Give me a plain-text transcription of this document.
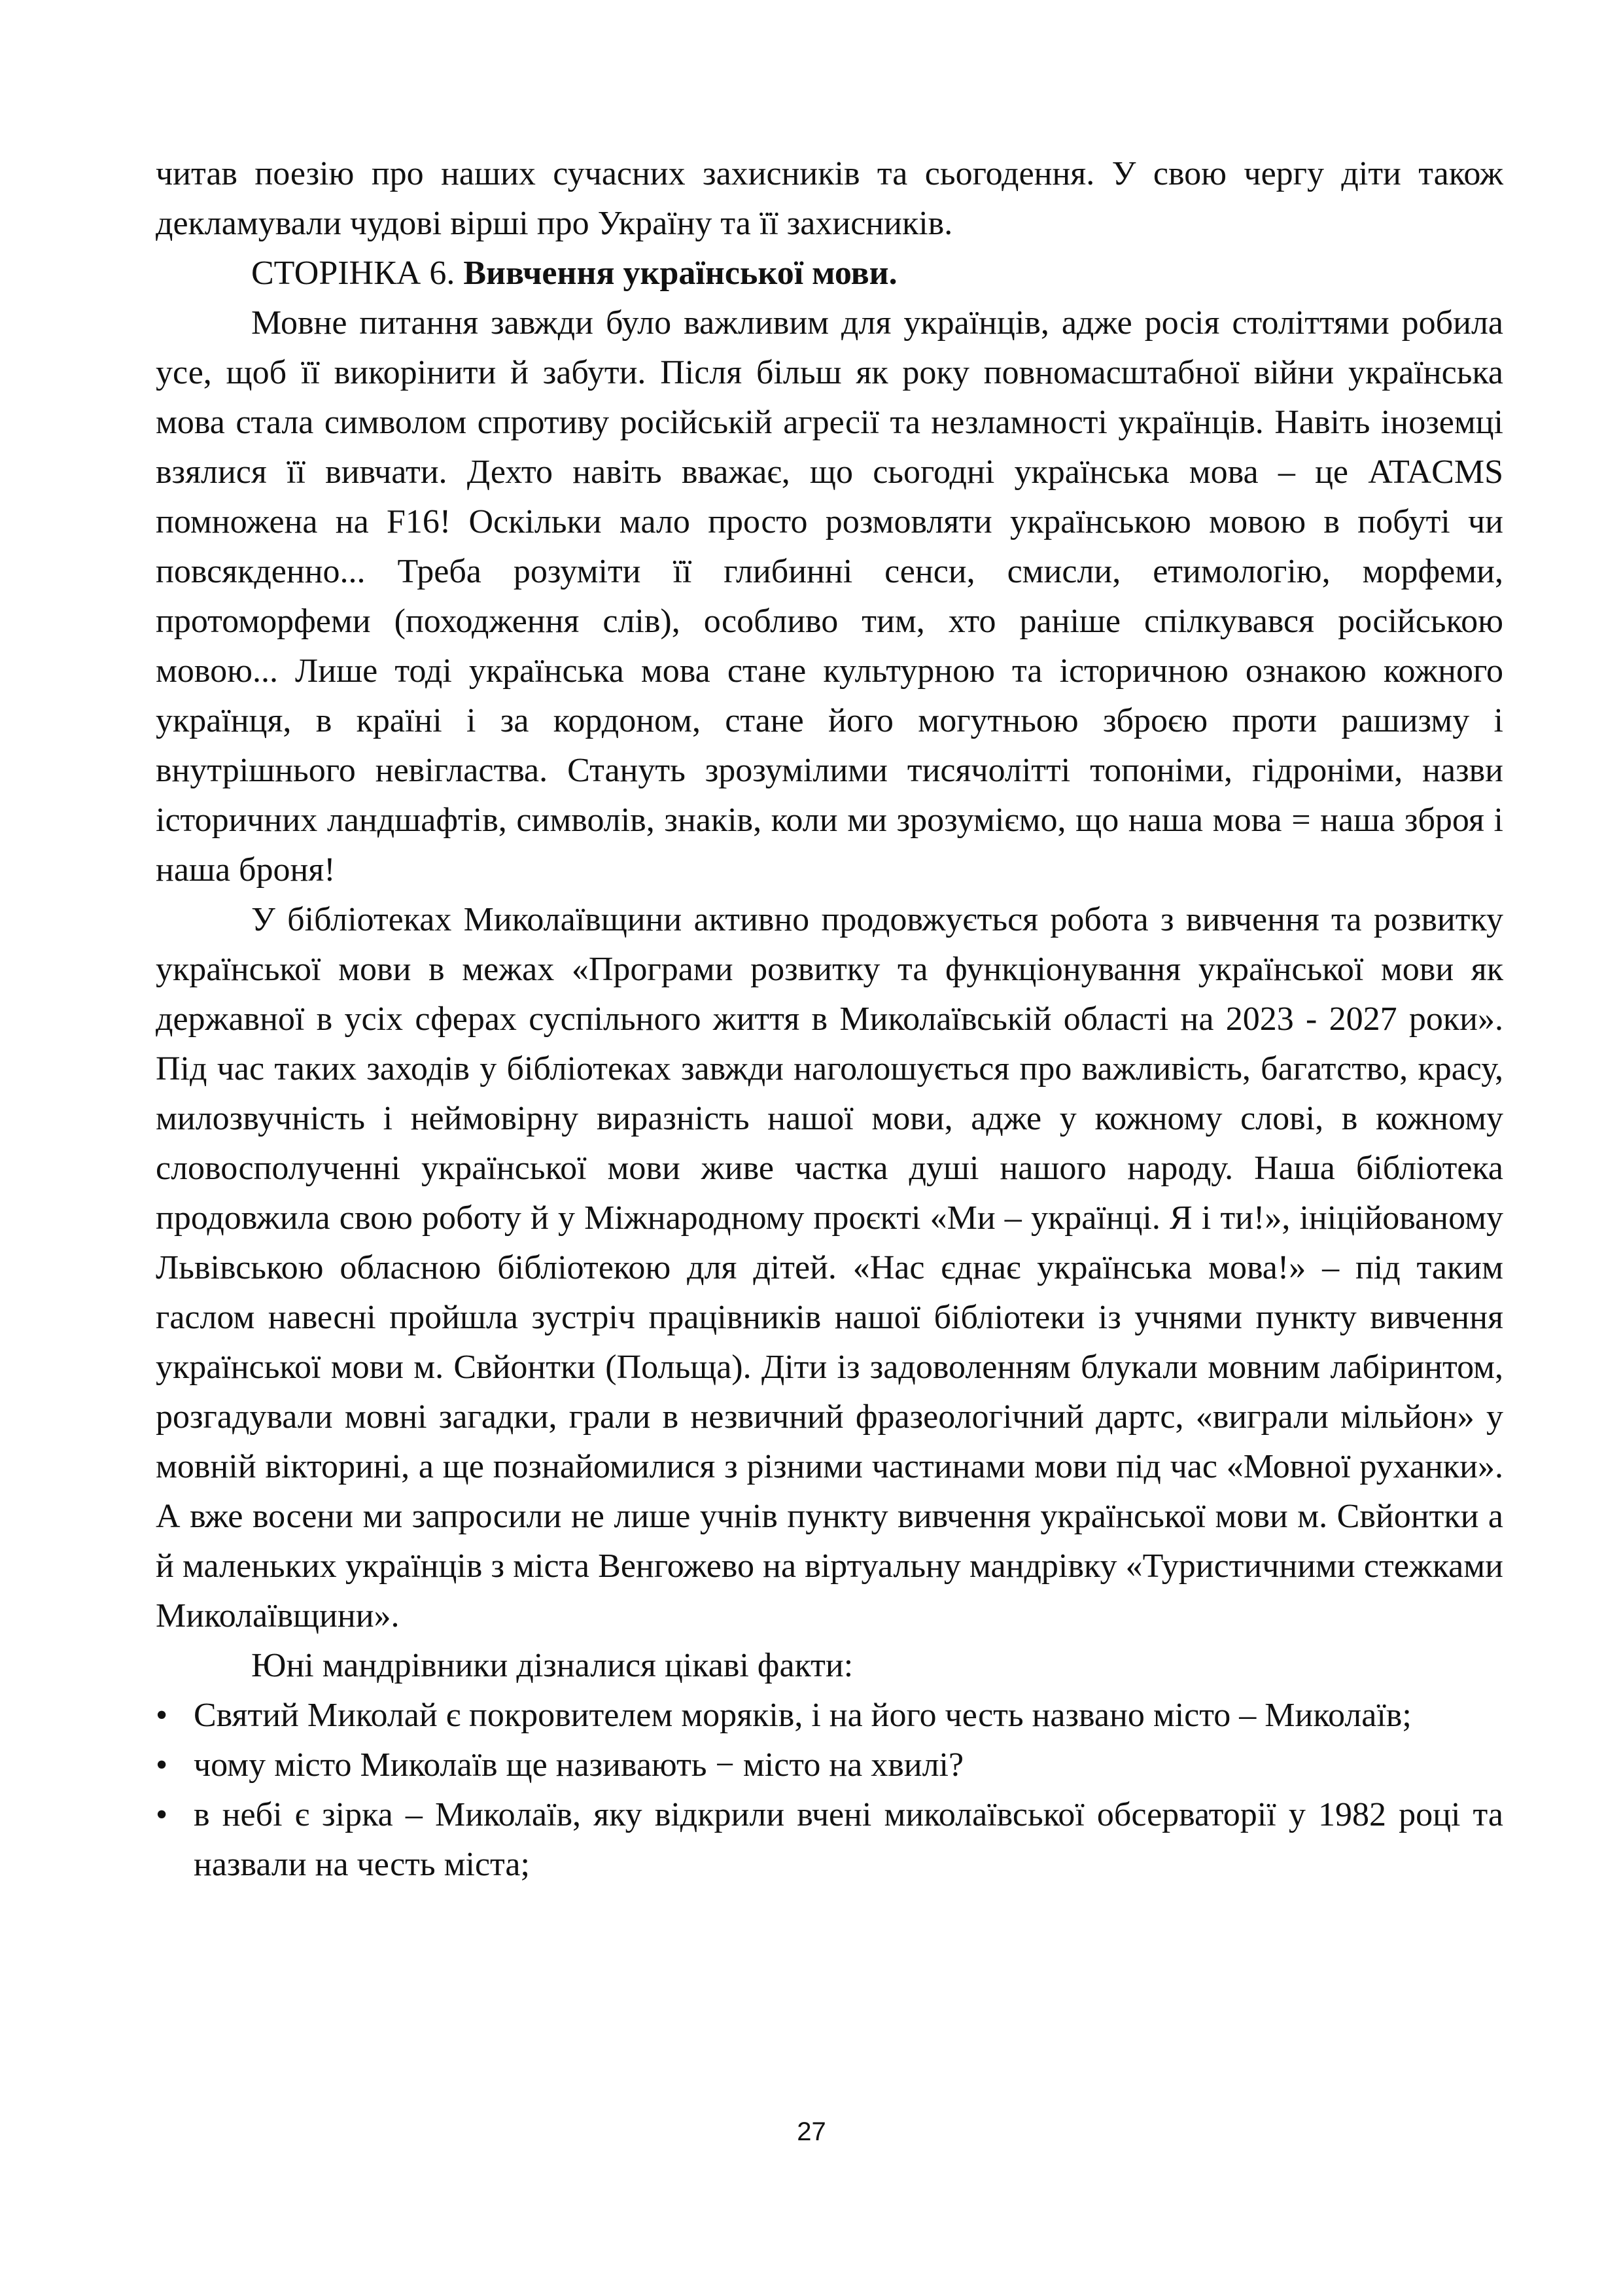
читав поезію про наших сучасних захисників та сьогодення. У свою чергу діти також декламували чудові вірші про Україну та її захисників.

СТОРІНКА 6. Вивчення української мови.

Мовне питання завжди було важливим для українців, адже росія століттями робила усе, щоб її викорінити й забути. Після більш як року повномасштабної війни українська мова стала символом спротиву російській агресії та незламності українців. Навіть іноземці взялися її вивчати. Дехто навіть вважає, що сьогодні українська мова – це ATACMS помножена на F16! Оскільки мало просто розмовляти українською мовою в побуті чи повсякденно... Треба розуміти її глибинні сенси, смисли, етимологію, морфеми, протоморфеми (походження слів), особливо тим, хто раніше спілкувався російською мовою... Лише тоді українська мова стане культурною та історичною ознакою кожного українця, в країні і за кордоном, стане його могутньою зброєю проти рашизму і внутрішнього невігластва. Стануть зрозумілими тисячолітті топоніми, гідроніми, назви історичних ландшафтів, символів, знаків, коли ми зрозуміємо, що наша мова = наша зброя і наша броня!

У бібліотеках Миколаївщини активно продовжується робота з вивчення та розвитку української мови в межах «Програми розвитку та функціонування української мови як державної в усіх сферах суспільного життя в Миколаївській області на 2023 - 2027 роки». Під час таких заходів у бібліотеках завжди наголошується про важливість, багатство, красу, милозвучність і неймовірну виразність нашої мови, адже у кожному слові, в кожному словосполученні української мови живе частка душі нашого народу. Наша бібліотека продовжила свою роботу й у Міжнародному проєкті «Ми – українці. Я і ти!», ініційованому Львівською обласною бібліотекою для дітей. «Нас єднає українська мова!» – під таким гаслом навесні пройшла зустріч працівників нашої бібліотеки із учнями пункту вивчення української мови м. Свйонтки (Польща). Діти із задоволенням блукали мовним лабіринтом, розгадували мовні загадки, грали в незвичний фразеологічний дартс, «виграли мільйон» у мовній вікторині, а ще познайомилися з різними частинами мови під час «Мовної руханки». А вже восени ми запросили не лише учнів пункту вивчення української мови м. Свйонтки а й маленьких українців з міста Венгожево на віртуальну мандрівку «Туристичними стежками Миколаївщини».

Юні мандрівники дізналися цікаві факти:

• Святий Миколай є покровителем моряків, і на його честь названо місто – Миколаїв;
• чому місто Миколаїв ще називають − місто на хвилі?
• в небі є зірка – Миколаїв, яку відкрили вчені миколаївської обсерваторії у 1982 році та назвали на честь міста;
27
